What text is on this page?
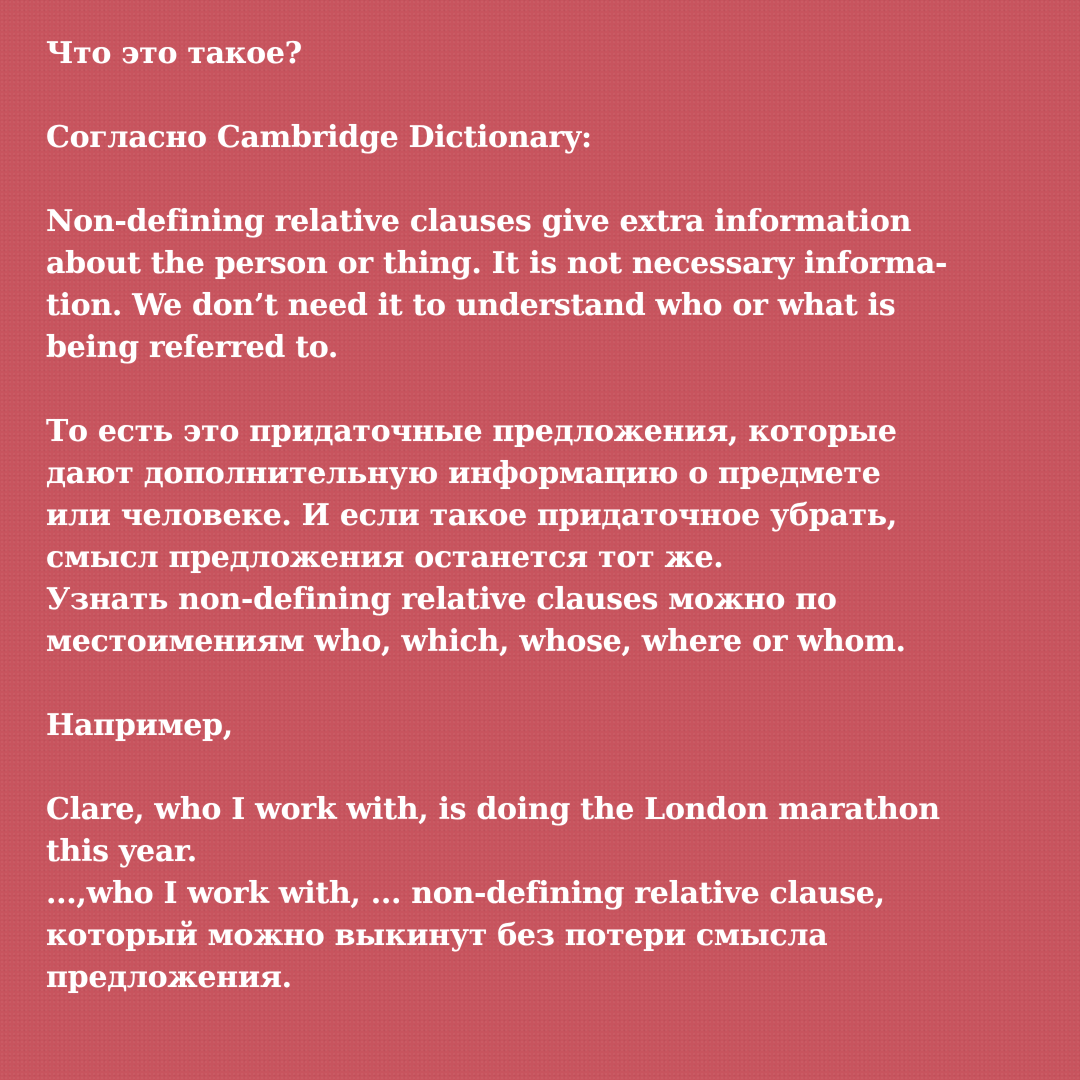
Что это такое?
Согласно Cambridge Dictionary:
Non-defining relative clauses give extra information
about the person or thing. It is not necessary informa-
tion. We don’t need it to understand who or what is
being referred to.
То есть это придаточные предложения, которые
дают дополнительную информацию о предмете
или человеке. И если такое придаточное убрать,
смысл предложения останется тот же.
Узнать non-defining relative clauses можно по
местоимениям who, which, whose, where or whom.
Например,
Clare, who I work with, is doing the London marathon
this year.
...,who I work with, ... non-defining relative clause,
который можно выкинут без потери смысла
предложения.
